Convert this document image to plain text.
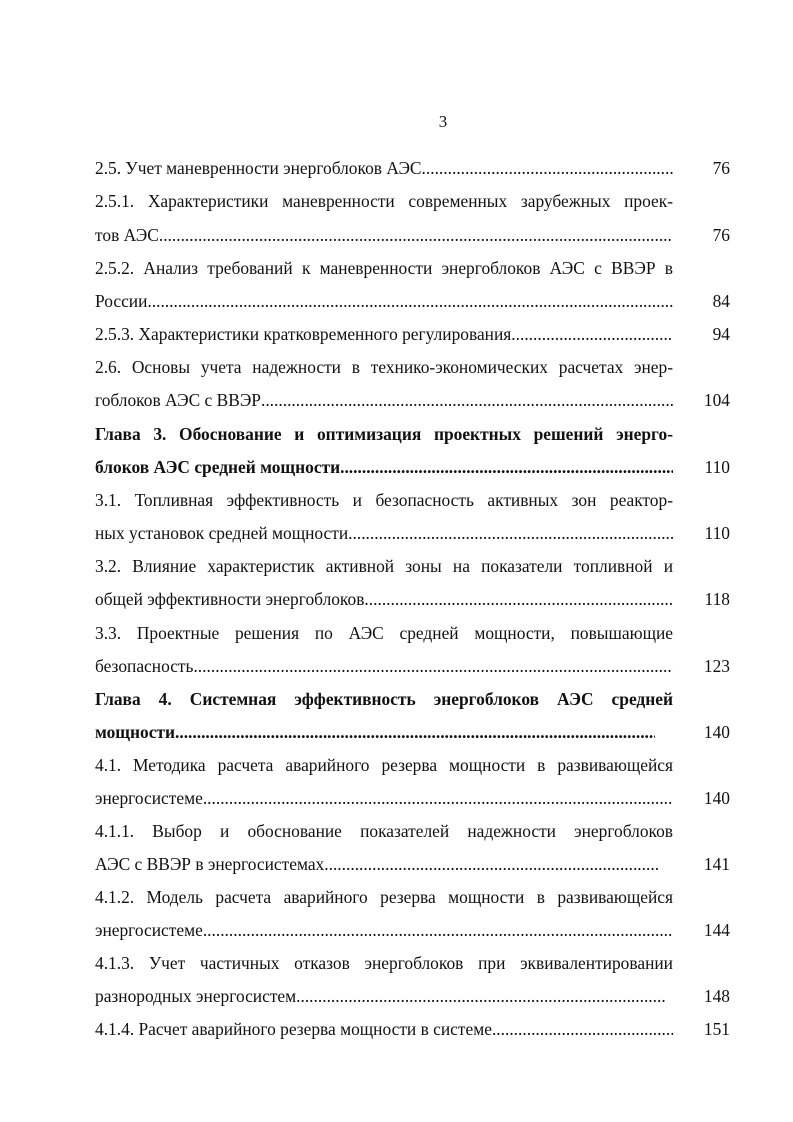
3
2.5. Учет маневренности энергоблоков АЭС .....	76
2.5.1. Характеристики маневренности современных зарубежных проек-
тов АЭС .....	76
2.5.2. Анализ требований к маневренности энергоблоков АЭС с ВВЭР в
России .....	84
2.5.3. Характеристики кратковременного регулирования .....	94
2.6. Основы учета надежности в технико-экономических расчетах энер-
гоблоков АЭС с ВВЭР .....	104
Глава 3. Обоснование и оптимизация проектных решений энерго-
блоков АЭС средней мощности .....	110
3.1. Топливная эффективность и безопасность активных зон реактор-
ных установок средней мощности .....	110
3.2. Влияние характеристик активной зоны на показатели топливной и
общей эффективности энергоблоков .....	118
3.3. Проектные решения по АЭС средней мощности, повышающие
безопасность .....	123
Глава 4. Системная эффективность энергоблоков АЭС средней
мощности .....	140
4.1. Методика расчета аварийного резерва мощности в развивающейся
энергосистеме .....	140
4.1.1. Выбор и обоснование показателей надежности энергоблоков
АЭС с ВВЭР в энергосистемах .....	141
4.1.2. Модель расчета аварийного резерва мощности в развивающейся
энергосистеме .....	144
4.1.3. Учет частичных отказов энергоблоков при эквивалентировании
разнородных энергосистем .....	148
4.1.4. Расчет аварийного резерва мощности в системе .....	151
